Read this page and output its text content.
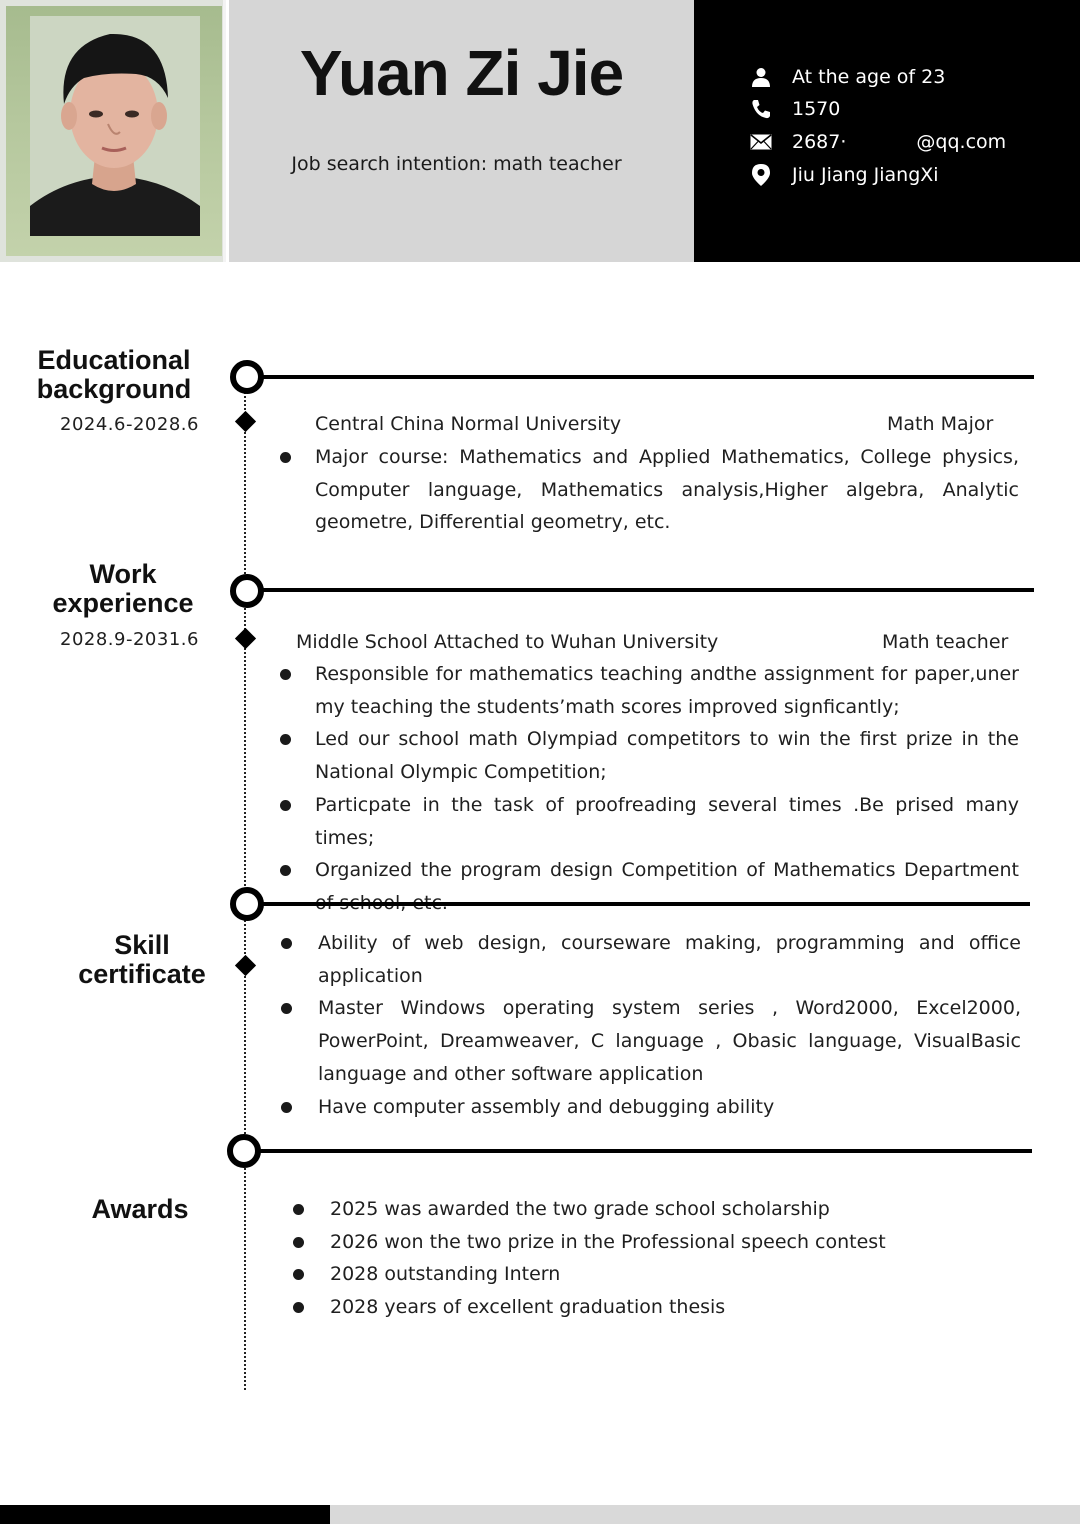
Yuan Zi Jie
Job search intention: math teacher
At the age of 23
1570
2687·	@qq.com
Jiu Jiang JiangXi
Educational background
2024.6-2028.6	Central China Normal University	Math Major
Major course: Mathematics and Applied Mathematics, College physics, Computer language, Mathematics analysis,Higher algebra, Analytic geometre, Differential geometry, etc.
Work experience
2028.9-2031.6	Middle School Attached to Wuhan University	Math teacher
Responsible for mathematics teaching andthe assignment for paper,uner my teaching the students’math scores improved signficantly;
Led our school math Olympiad competitors to win the first prize in the National Olympic Competition;
Particpate in the task of proofreading several times .Be prised many times;
Organized the program design Competition of Mathematics Department
Skill certificate
Ability of web design, courseware making, programming and office application
Master Windows operating system series , Word2000, Excel2000, PowerPoint, Dreamweaver, C language , Obasic language, VisualBasic language and other software application
Have computer assembly and debugging ability
Awards	2025 was awarded the two grade school scholarship
2026 won the two prize in the Professional speech contest
2028 outstanding Intern
2028 years of excellent graduation thesis
